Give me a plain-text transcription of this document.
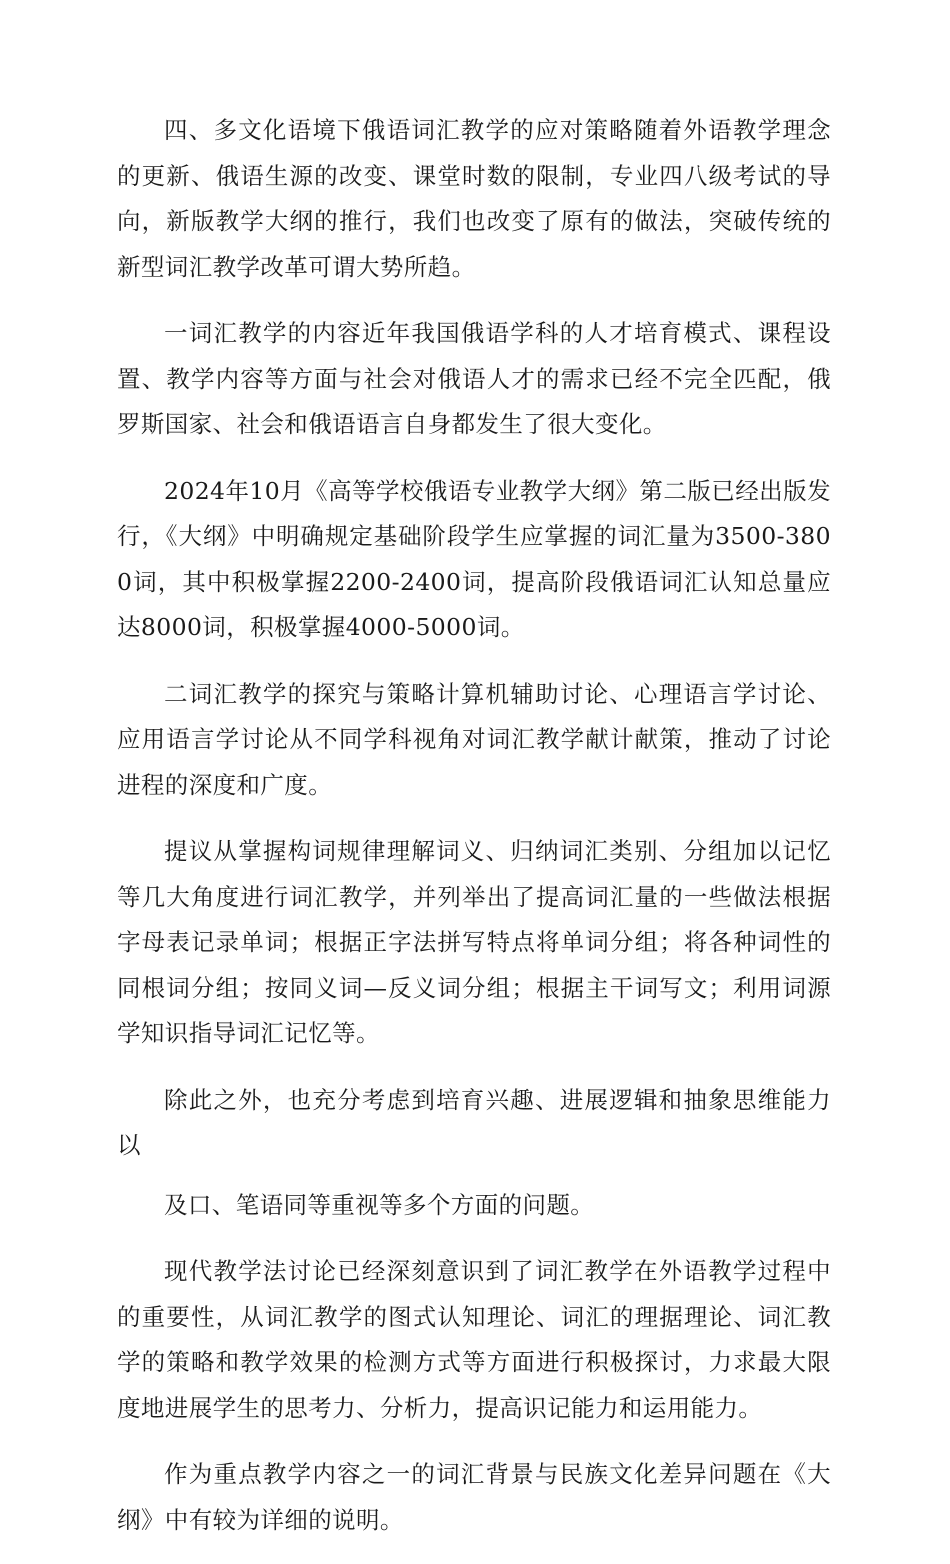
四、多文化语境下俄语词汇教学的应对策略随着外语教学理念的更新、俄语生源的改变、课堂时数的限制，专业四八级考试的导向，新版教学大纲的推行，我们也改变了原有的做法，突破传统的新型词汇教学改革可谓大势所趋。

一词汇教学的内容近年我国俄语学科的人才培育模式、课程设置、教学内容等方面与社会对俄语人才的需求已经不完全匹配，俄罗斯国家、社会和俄语语言自身都发生了很大变化。

2024年10月《高等学校俄语专业教学大纲》第二版已经出版发行，《大纲》中明确规定基础阶段学生应掌握的词汇量为3500-3800词，其中积极掌握2200-2400词，提高阶段俄语词汇认知总量应达8000词，积极掌握4000-5000词。

二词汇教学的探究与策略计算机辅助讨论、心理语言学讨论、应用语言学讨论从不同学科视角对词汇教学献计献策，推动了讨论进程的深度和广度。

提议从掌握构词规律理解词义、归纳词汇类别、分组加以记忆等几大角度进行词汇教学，并列举出了提高词汇量的一些做法根据字母表记录单词；根据正字法拼写特点将单词分组；将各种词性的同根词分组；按同义词—反义词分组；根据主干词写文；利用词源学知识指导词汇记忆等。

除此之外，也充分考虑到培育兴趣、进展逻辑和抽象思维能力以

及口、笔语同等重视等多个方面的问题。

现代教学法讨论已经深刻意识到了词汇教学在外语教学过程中的重要性，从词汇教学的图式认知理论、词汇的理据理论、词汇教学的策略和教学效果的检测方式等方面进行积极探讨，力求最大限度地进展学生的思考力、分析力，提高识记能力和运用能力。

作为重点教学内容之一的词汇背景与民族文化差异问题在《大纲》中有较为详细的说明。
